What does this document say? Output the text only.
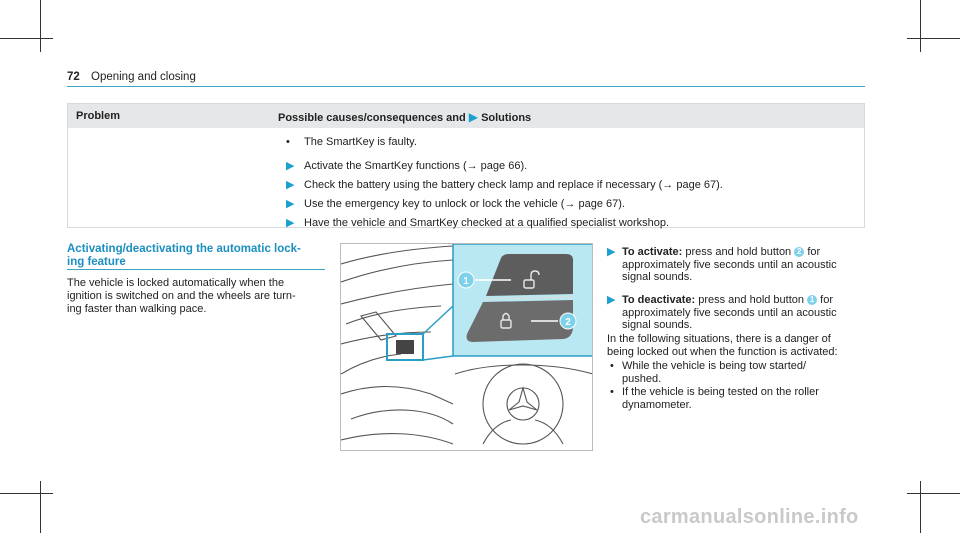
72 Opening and closing
Problem	Possible causes/consequences and ▶ Solutions
• The SmartKey is faulty.
▶ Activate the SmartKey functions (→ page 66).
▶ Check the battery using the battery check lamp and replace if necessary (→ page 67).
▶ Use the emergency key to unlock or lock the vehicle (→ page 67).
▶ Have the vehicle and SmartKey checked at a qualified specialist workshop.
Activating/deactivating the automatic lock-
ing feature
The vehicle is locked automatically when the
ignition is switched on and the wheels are turn-
ing faster than walking pace.
1
2
▶ To activate: press and hold button 2 for
approximately five seconds until an acoustic
signal sounds.
▶ To deactivate: press and hold button 1 for
approximately five seconds until an acoustic
signal sounds.
In the following situations, there is a danger of
being locked out when the function is activated:
• While the vehicle is being tow started/
pushed.
• If the vehicle is being tested on the roller
dynamometer.
carmanualsonline.info
